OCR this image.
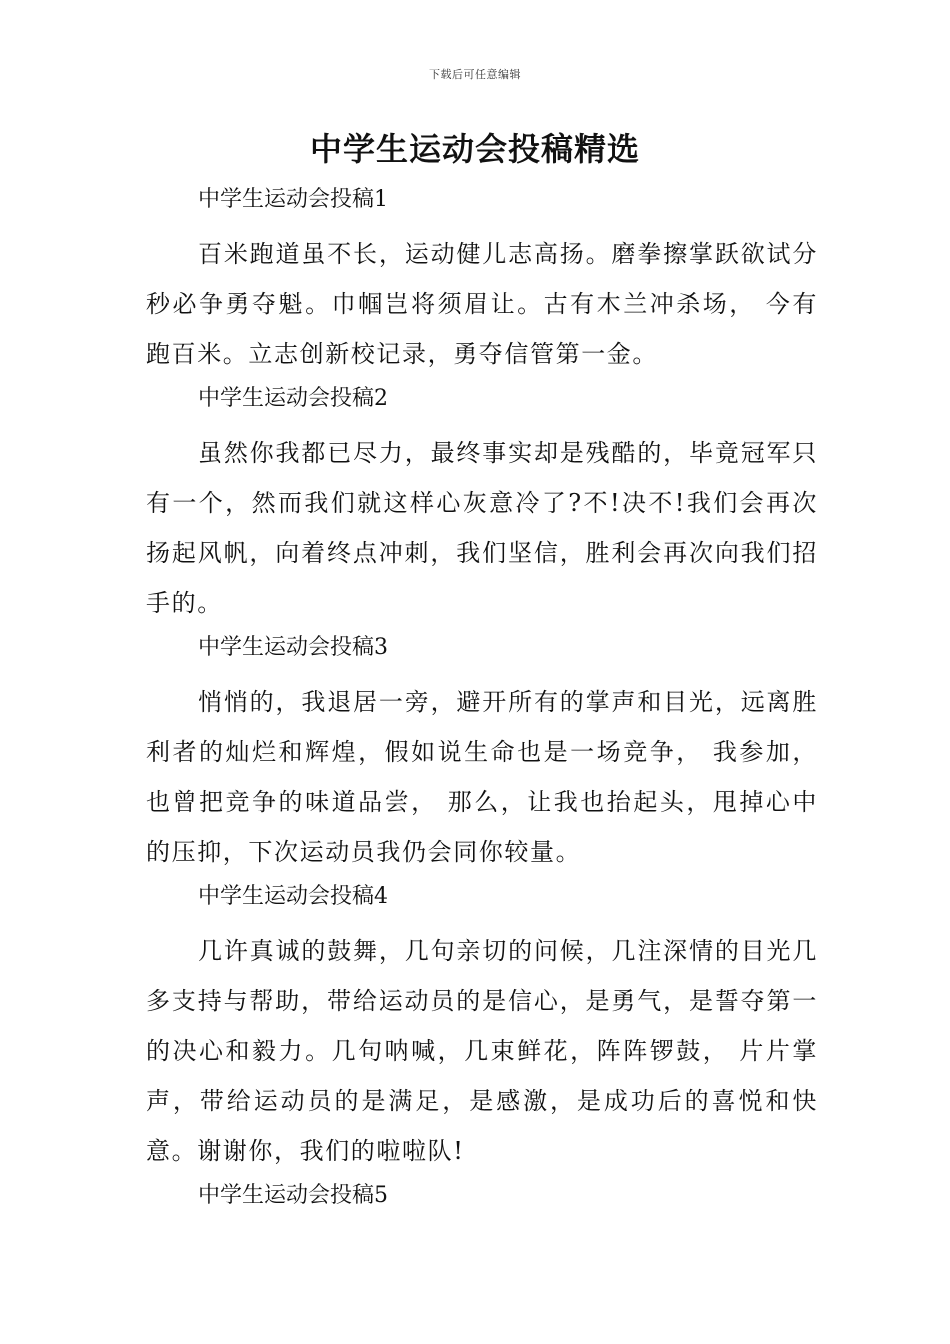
下载后可任意编辑
中学生运动会投稿精选

中学生运动会投稿1

百米跑道虽不长，运动健儿志高扬。磨拳擦掌跃欲试分秒必争勇夺魁。巾帼岂将须眉让。古有木兰冲杀场， 今有跑百米。立志创新校记录，勇夺信管第一金。

中学生运动会投稿2

虽然你我都已尽力，最终事实却是残酷的，毕竟冠军只有一个，然而我们就这样心灰意冷了?不!决不!我们会再次扬起风帆，向着终点冲刺，我们坚信，胜利会再次向我们招手的。

中学生运动会投稿3

悄悄的，我退居一旁，避开所有的掌声和目光，远离胜利者的灿烂和辉煌，假如说生命也是一场竞争， 我参加，也曾把竞争的味道品尝， 那么，让我也抬起头，甩掉心中的压抑，下次运动员我仍会同你较量。

中学生运动会投稿4

几许真诚的鼓舞，几句亲切的问候，几注深情的目光几多支持与帮助，带给运动员的是信心，是勇气，是誓夺第一的决心和毅力。几句呐喊，几束鲜花，阵阵锣鼓， 片片掌声，带给运动员的是满足，是感激，是成功后的喜悦和快意。谢谢你，我们的啦啦队!

中学生运动会投稿5
